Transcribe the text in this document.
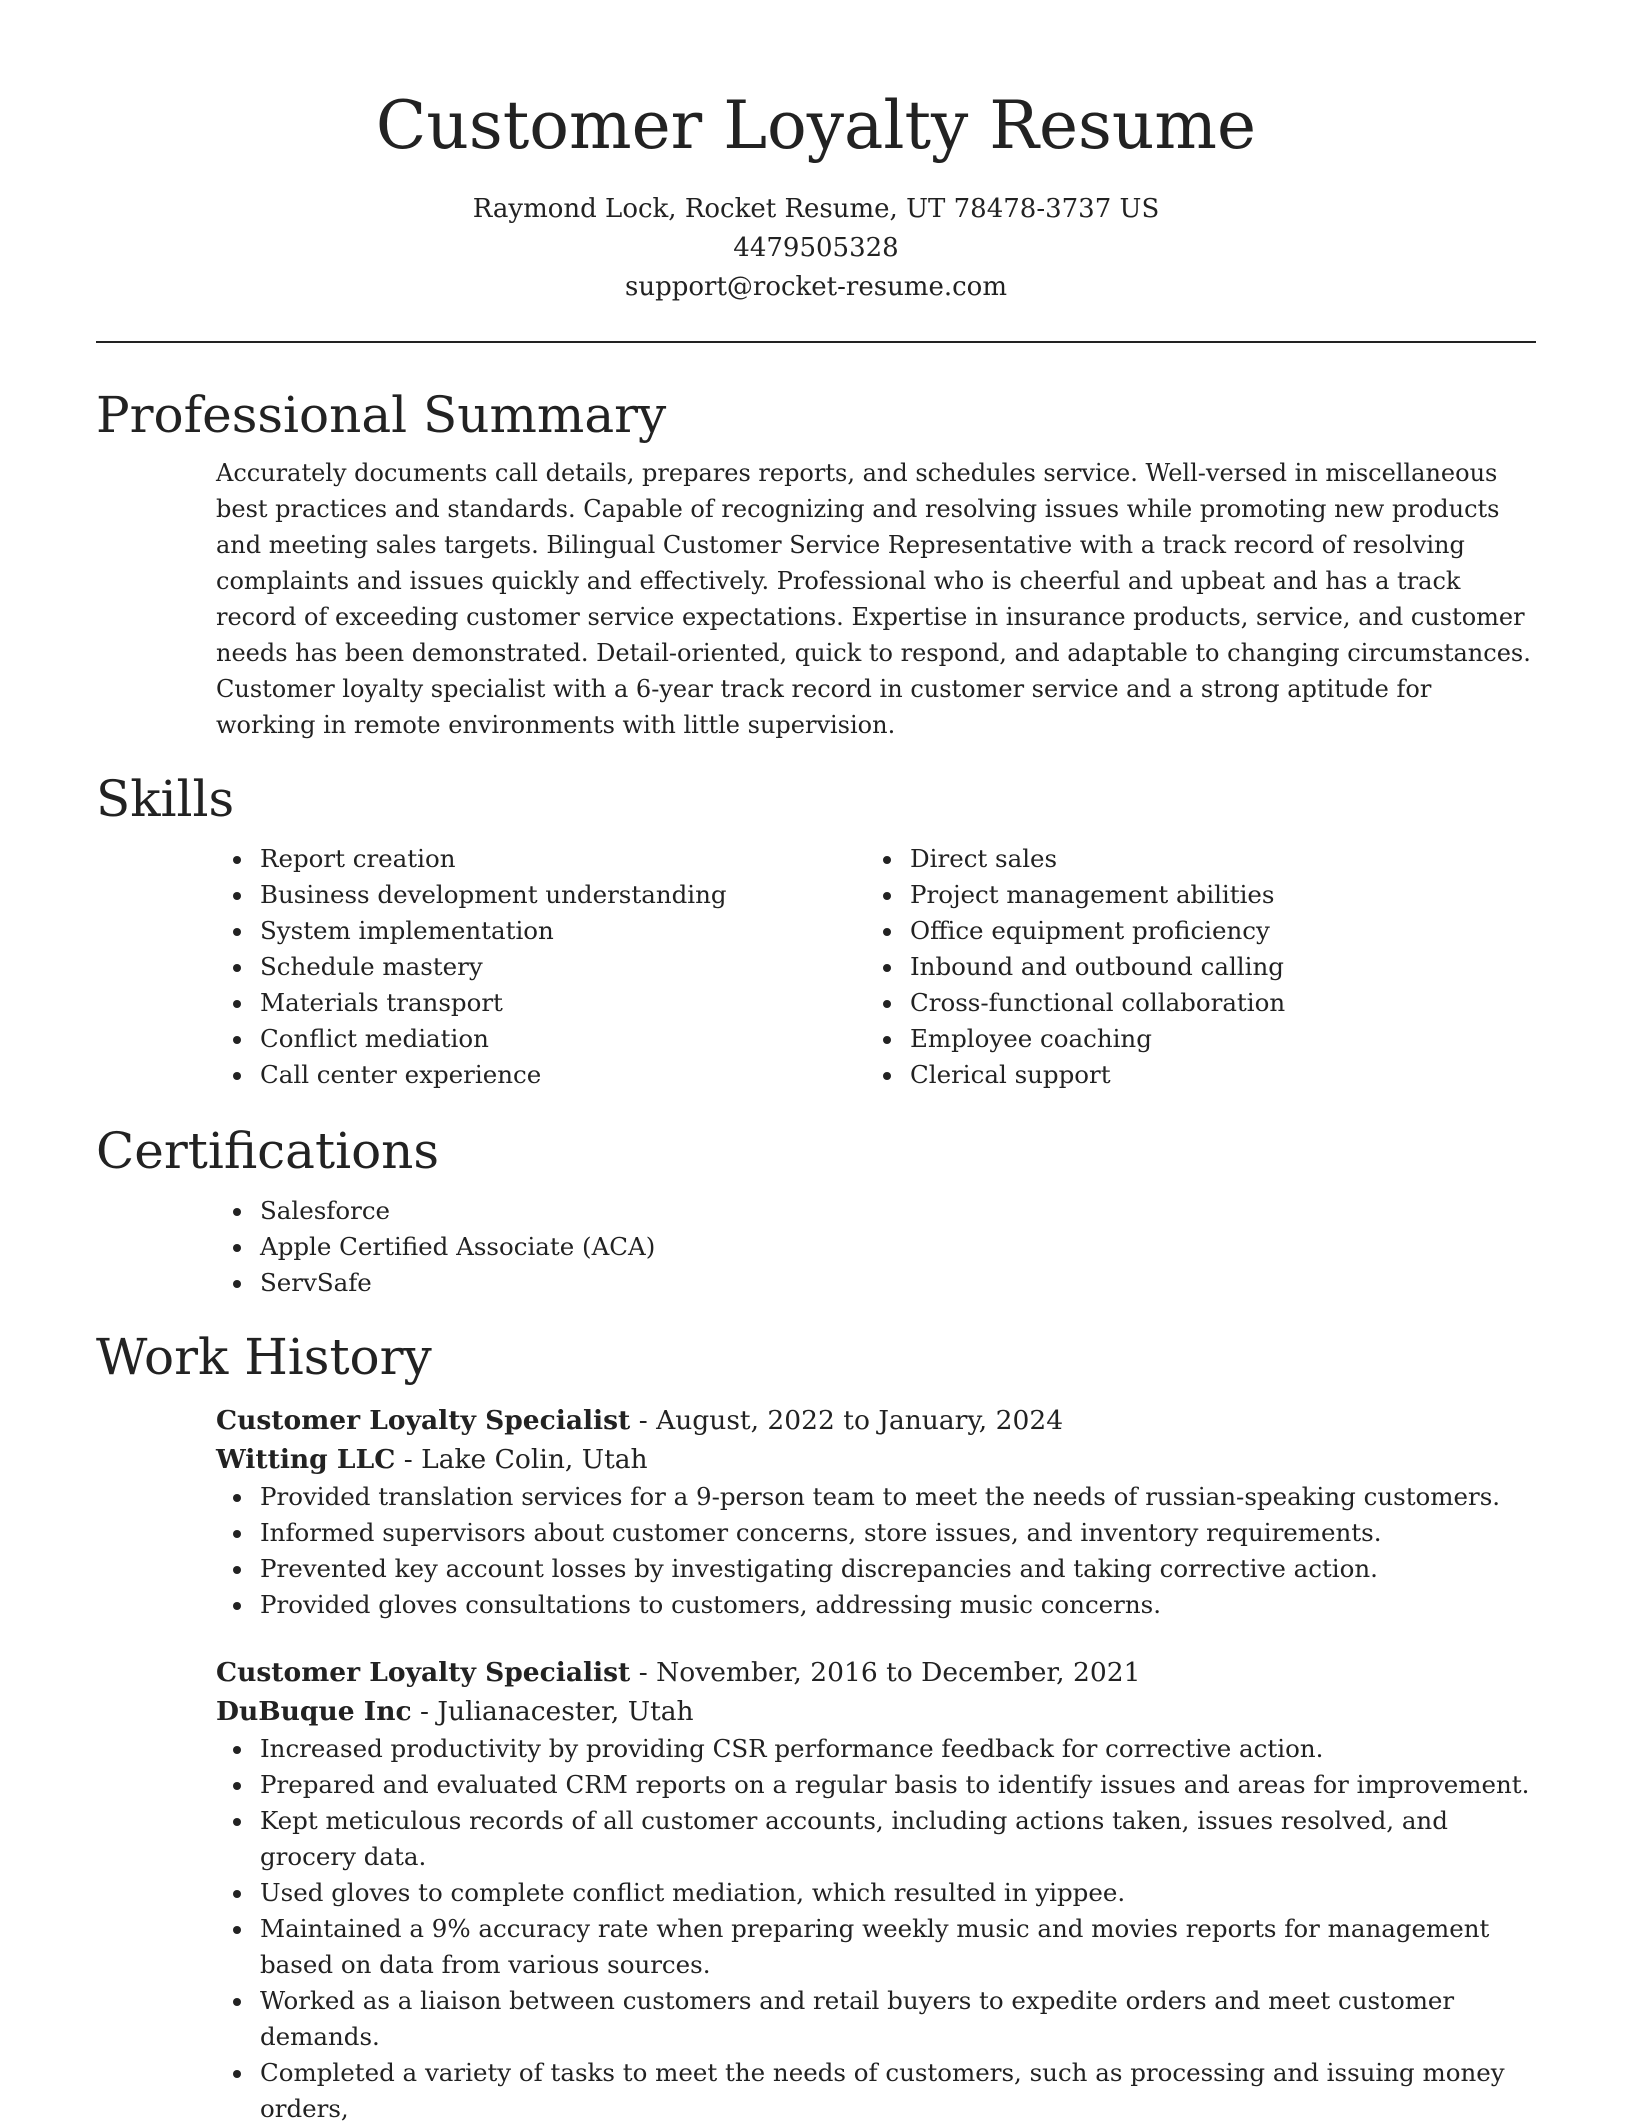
Customer Loyalty Resume
Raymond Lock, Rocket Resume, UT 78478-3737 US
4479505328
support@rocket-resume.com
Professional Summary

Accurately documents call details, prepares reports, and schedules service. Well-versed in miscellaneous best practices and standards. Capable of recognizing and resolving issues while promoting new products and meeting sales targets. Bilingual Customer Service Representative with a track record of resolving complaints and issues quickly and effectively. Professional who is cheerful and upbeat and has a track record of exceeding customer service expectations. Expertise in insurance products, service, and customer needs has been demonstrated. Detail-oriented, quick to respond, and adaptable to changing circumstances. Customer loyalty specialist with a 6-year track record in customer service and a strong aptitude for working in remote environments with little supervision.

Skills
Report creation
Business development understanding
System implementation
Schedule mastery
Materials transport
Conflict mediation
Call center experience
Direct sales
Project management abilities
Office equipment proficiency
Inbound and outbound calling
Cross-functional collaboration
Employee coaching
Clerical support
Certifications
Salesforce
Apple Certified Associate (ACA)
ServSafe
Work History
Customer Loyalty Specialist - August, 2022 to January, 2024
Witting LLC - Lake Colin, Utah
Provided translation services for a 9-person team to meet the needs of russian-speaking customers.
Informed supervisors about customer concerns, store issues, and inventory requirements.
Prevented key account losses by investigating discrepancies and taking corrective action.
Provided gloves consultations to customers, addressing music concerns.
Customer Loyalty Specialist - November, 2016 to December, 2021
DuBuque Inc - Julianacester, Utah
Increased productivity by providing CSR performance feedback for corrective action.
Prepared and evaluated CRM reports on a regular basis to identify issues and areas for improvement.
Kept meticulous records of all customer accounts, including actions taken, issues resolved, and grocery data.
Used gloves to complete conflict mediation, which resulted in yippee.
Maintained a 9% accuracy rate when preparing weekly music and movies reports for management based on data from various sources.
Worked as a liaison between customers and retail buyers to expedite orders and meet customer demands.
Completed a variety of tasks to meet the needs of customers, such as processing and issuing money orders,
